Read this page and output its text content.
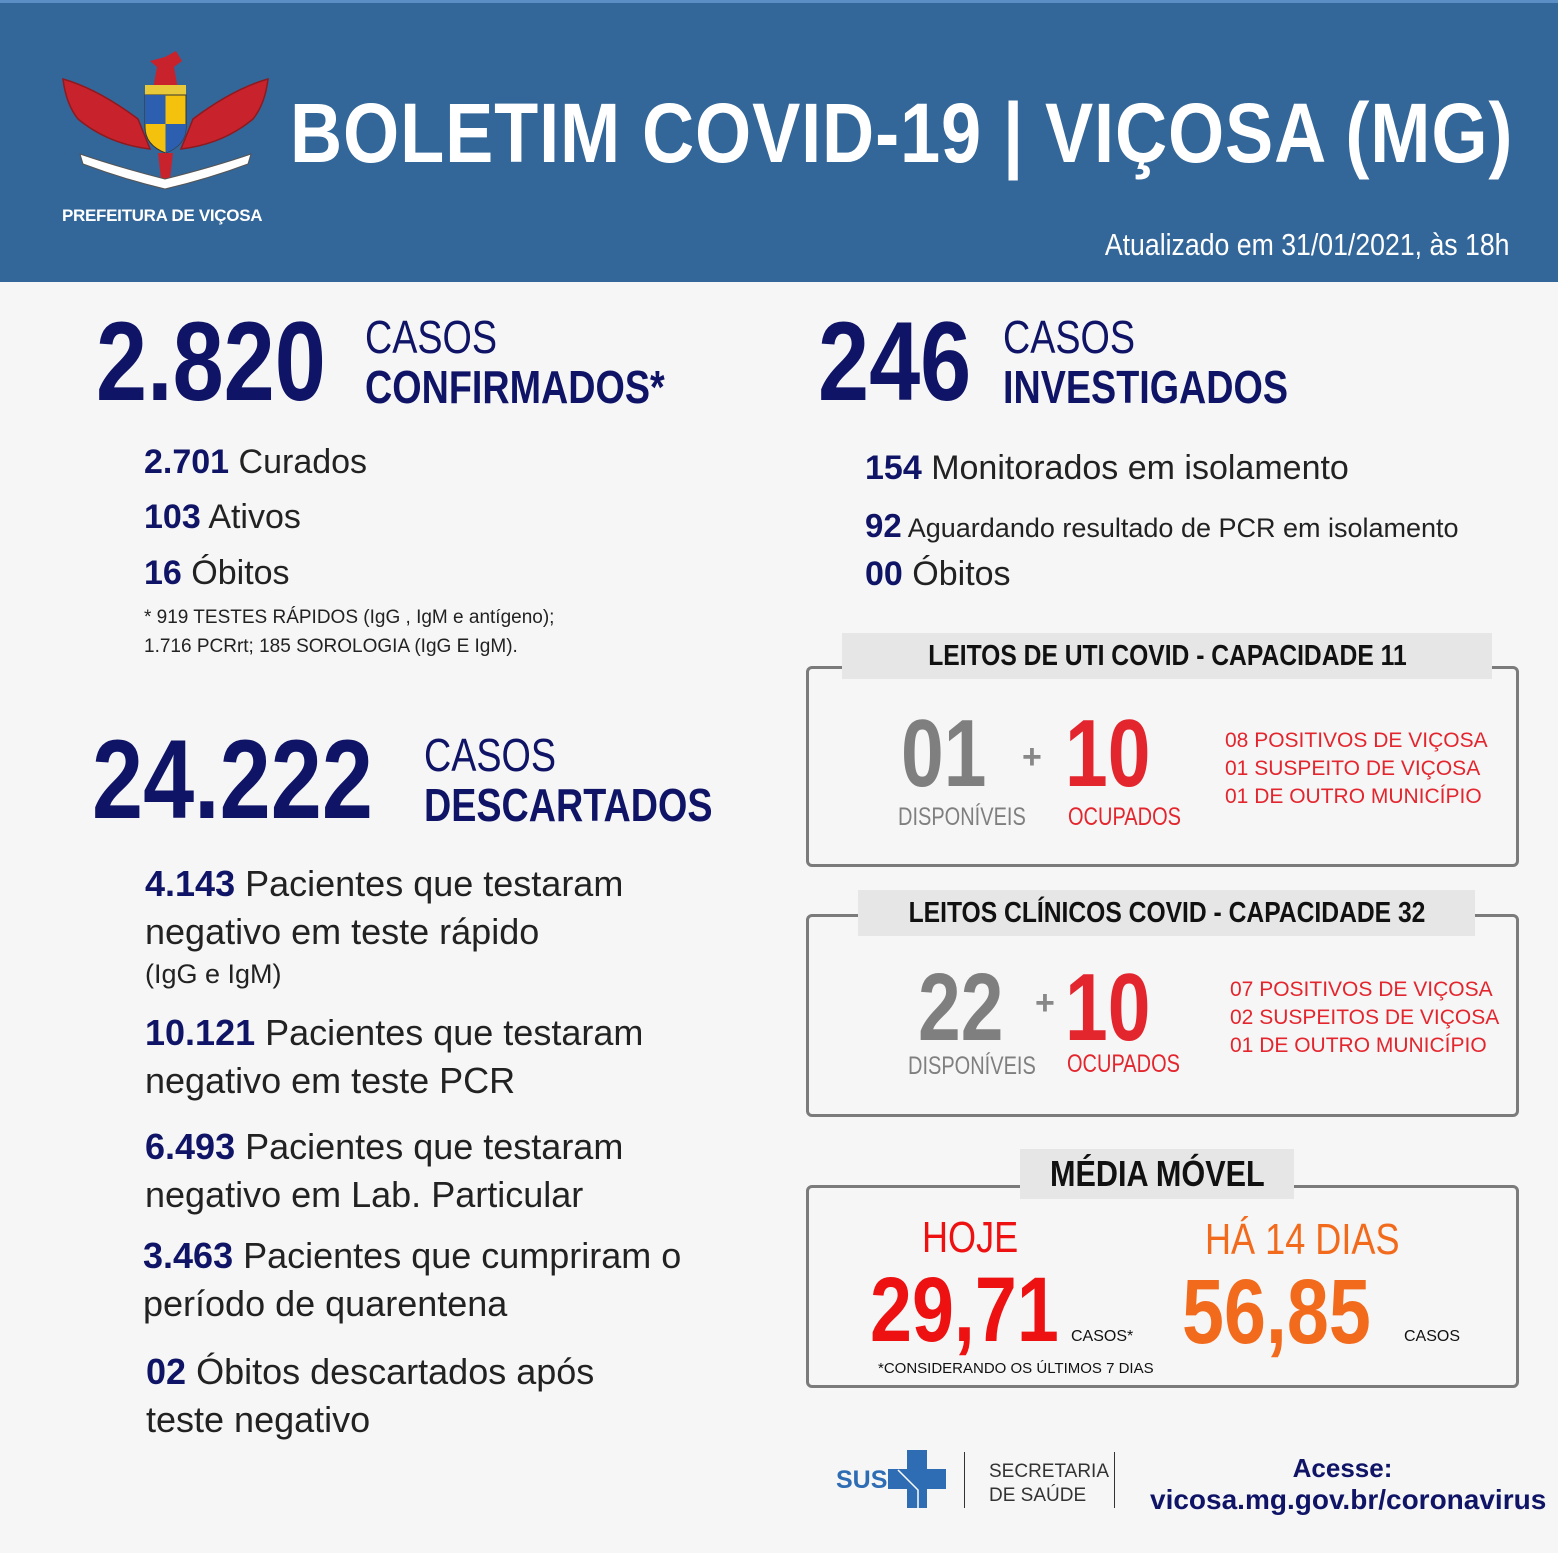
PREFEITURA DE VIÇOSA
BOLETIM COVID-19 | VIÇOSA (MG)
Atualizado em 31/01/2021, às 18h
2.820 CASOS
CONFIRMADOS*
2.701 Curados
103 Ativos
16 Óbitos
* 919 TESTES RÁPIDOS (IgG , IgM e antígeno);
1.716 PCRrt; 185 SOROLOGIA (IgG E IgM).
246 CASOS
INVESTIGADOS
154 Monitorados em isolamento
92 Aguardando resultado de PCR em isolamento
00 Óbitos
24.222	CASOS
DESCARTADOS
4.143 Pacientes que testaram negativo em teste rápido
(IgG e IgM)
10.121 Pacientes que testaram negativo em teste PCR
6.493 Pacientes que testaram negativo em Lab. Particular
3.463 Pacientes que cumpriram o período de quarentena
02 Óbitos descartados após teste negativo
LEITOS DE UTI COVID - CAPACIDADE 11
01 + 10
DISPONÍVEIS OCUPADOS
08 POSITIVOS DE VIÇOSA
01 SUSPEITO DE VIÇOSA
01 DE OUTRO MUNICÍPIO
LEITOS CLÍNICOS COVID - CAPACIDADE 32
22 + 10
DISPONÍVEIS OCUPADOS
07 POSITIVOS DE VIÇOSA
02 SUSPEITOS DE VIÇOSA
01 DE OUTRO MUNICÍPIO
MÉDIA MÓVEL
HOJE
29,71 CASOS*
*CONSIDERANDO OS ÚLTIMOS 7 DIAS
HÁ 14 DIAS
56,85 CASOS
SUS	SECRETARIA
DE SAÚDE
Acesse:
vicosa.mg.gov.br/coronavirus
